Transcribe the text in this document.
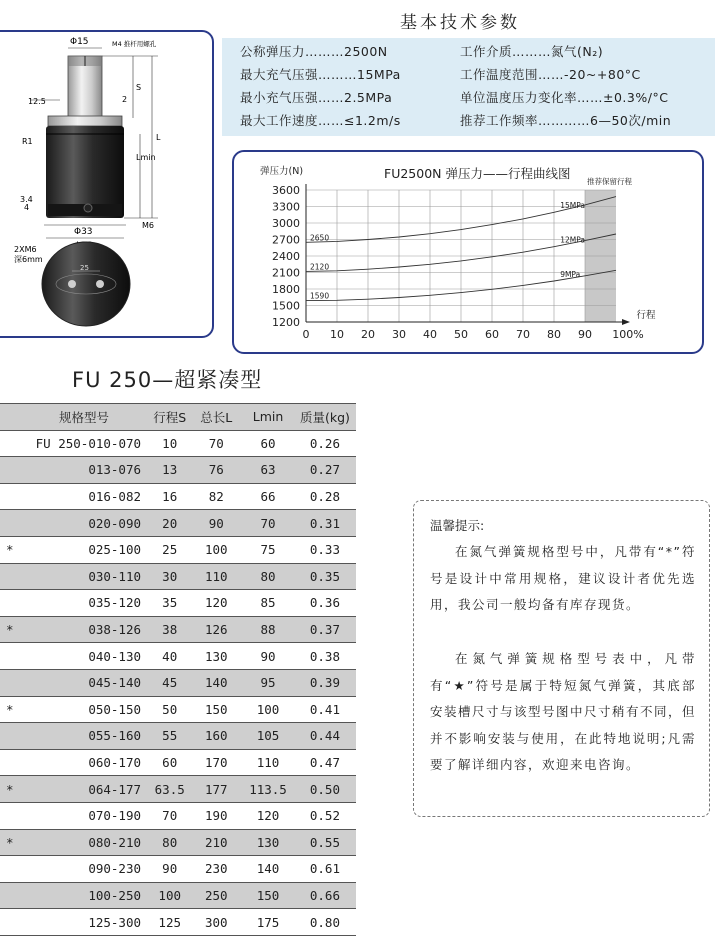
Φ15	M4 推杆用螺孔
S
12.5	2
R1	L
Lmin
3.4
4
M6
Φ33
2XM6
深6mm
25
基本技术参数
公称弹压力………2500N
最大充气压强………15MPa
最小充气压强……2.5MPa
最大工作速度……≤1.2m/s
工作介质………氮气(N₂)
工作温度范围……-20~+80°C
单位温度压力变化率……±0.3%/°C
推荐工作频率…………6—50次/min
推荐保留行程
1200
1500
1800
2100
2400
2700
3000
3300
3600
0 10 20 30 40 50 60 70 80 90 100%
弹压力(N)	FU2500N 弹压力——行程曲线图
行程
2650
15MPa
2120
12MPa
1590
9MPa
FU 250—超紧凑型
	规格型号	行程S	总长L	Lmin	质量(kg)
	FU 250-010-070	10	70	60	0.26
	013-076	13	76	63	0.27
	016-082	16	82	66	0.28
	020-090	20	90	70	0.31
*	025-100	25	100	75	0.33
	030-110	30	110	80	0.35
	035-120	35	120	85	0.36
*	038-126	38	126	88	0.37
	040-130	40	130	90	0.38
	045-140	45	140	95	0.39
*	050-150	50	150	100	0.41
	055-160	55	160	105	0.44
	060-170	60	170	110	0.47
*	064-177	63.5	177	113.5	0.50
	070-190	70	190	120	0.52
*	080-210	80	210	130	0.55
	090-230	90	230	140	0.61
	100-250	100	250	150	0.66
	125-300	125	300	175	0.80
温馨提示:
在氮气弹簧规格型号中，凡带有“*”符号是设计中常用规格，建议设计者优先选用，我公司一般均备有库存现货。
在氮气弹簧规格型号表中，凡带有“★”符号是属于特短氮气弹簧，其底部安装槽尺寸与该型号图中尺寸稍有不同，但并不影响安装与使用，在此特地说明;凡需要了解详细内容，欢迎来电咨询。
